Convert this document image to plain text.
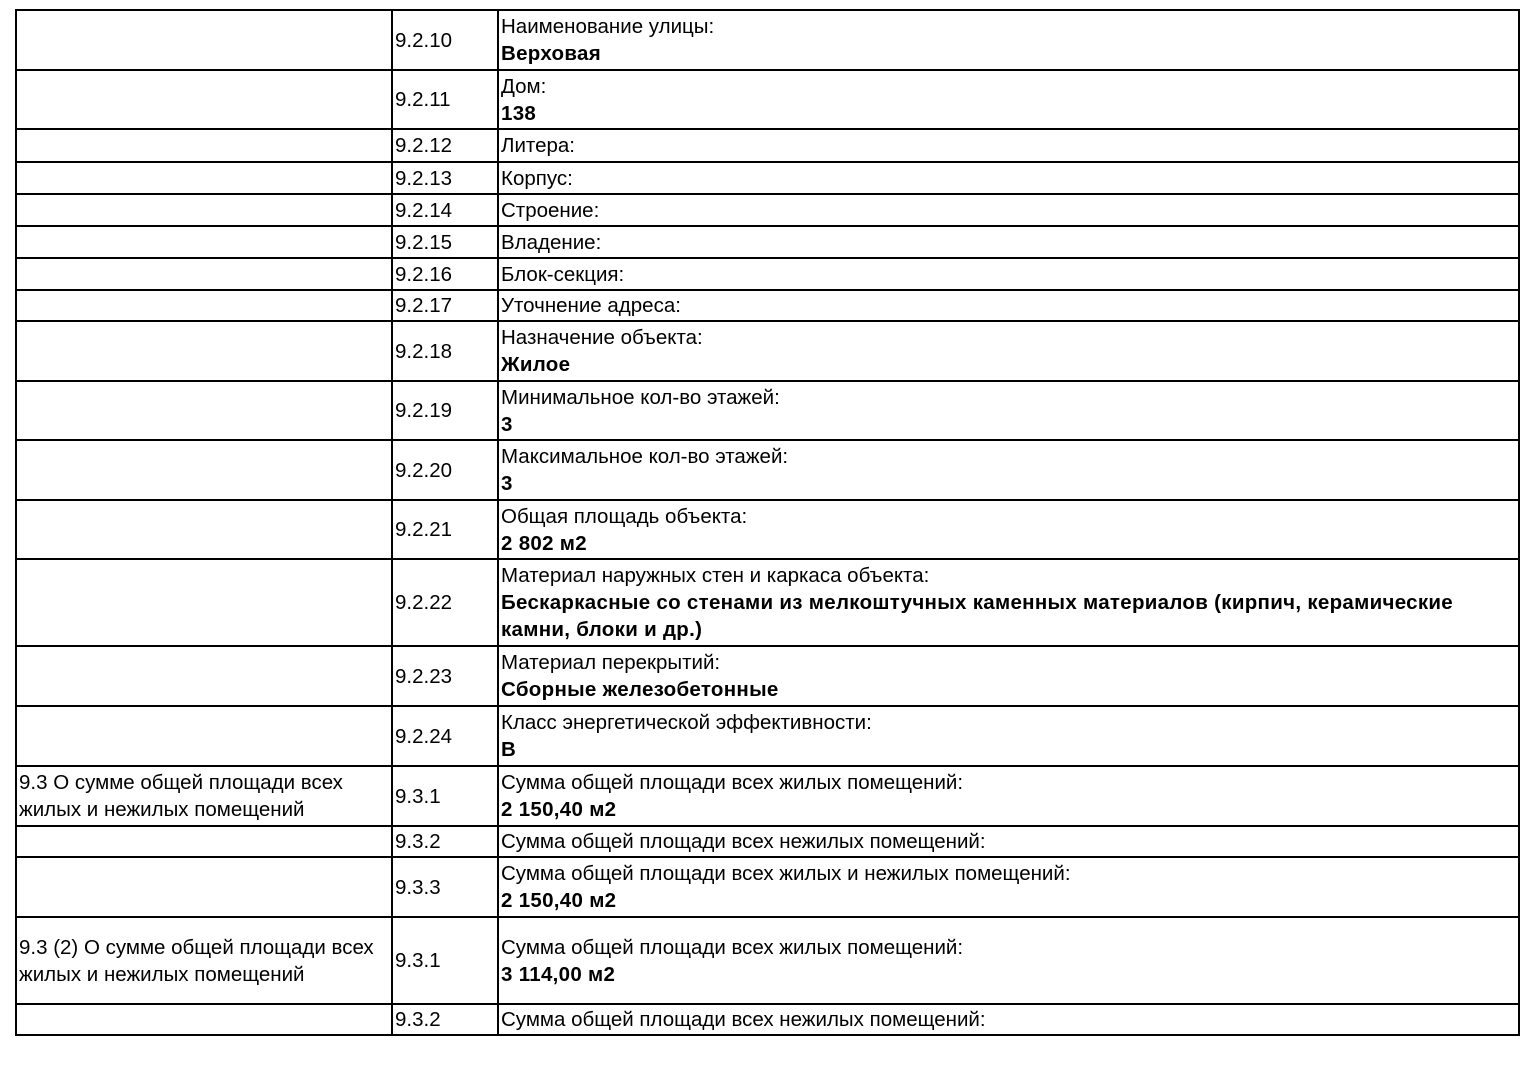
	9.2.10	Наименование улицы:
Верховая
	9.2.11	Дом:
138
	9.2.12	Литера:

	9.2.13	Корпус:

	9.2.14	Строение:

	9.2.15	Владение:

	9.2.16	Блок-секция:

	9.2.17	Уточнение адреса:

	9.2.18	Назначение объекта:
Жилое
	9.2.19	Минимальное кол-во этажей:
3
	9.2.20	Максимальное кол-во этажей:
3
	9.2.21	Общая площадь объекта:
2 802 м2
	9.2.22	Материал наружных стен и каркаса объекта:
Бескаркасные со стенами из мелкоштучных каменных материалов (кирпич, керамические камни, блоки и др.)
	9.2.23	Материал перекрытий:
Сборные железобетонные
	9.2.24	Класс энергетической эффективности:
В
9.3 О сумме общей площади всех жилых и нежилых помещений	9.3.1	Сумма общей площади всех жилых помещений:
2 150,40 м2
	9.3.2	Сумма общей площади всех нежилых помещений:

	9.3.3	Сумма общей площади всех жилых и нежилых помещений:
2 150,40 м2
9.3 (2) О сумме общей площади всех жилых и нежилых помещений	9.3.1	Сумма общей площади всех жилых помещений:
3 114,00 м2
	9.3.2	Сумма общей площади всех нежилых помещений:
